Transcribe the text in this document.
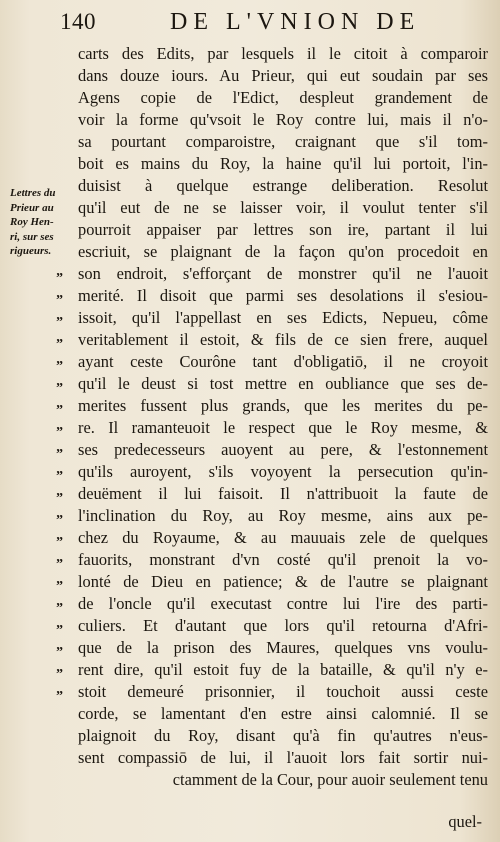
140	DE L'VNION DE
Lettres du
Prieur au
Roy Hen-
ri, sur ses
rigueurs.
”
”
”
”
”
”
”
”
”
”
”
”
”
”
”
”
”
”
”
”
carts des Edits, par lesquels il le citoit à comparoir
dans douze iours. Au Prieur, qui eut soudain par ses
Agens copie de l'Edict, despleut grandement de
voir la forme qu'vsoit le Roy contre lui, mais il n'o-
sa pourtant comparoistre, craignant que s'il tom-
boit es mains du Roy, la haine qu'il lui portoit, l'in-
duisist à quelque estrange deliberation. Resolut
qu'il eut de ne se laisser voir, il voulut tenter s'il
pourroit appaiser par lettres son ire, partant il lui
escriuit, se plaignant de la façon qu'on procedoit en
son endroit, s'efforçant de monstrer qu'il ne l'auoit
merité. Il disoit que parmi ses desolations il s'esiou-
issoit, qu'il l'appellast en ses Edicts, Nepueu, côme
veritablement il estoit, & fils de ce sien frere, auquel
ayant ceste Courône tant d'obligatiō, il ne croyoit
qu'il le deust si tost mettre en oubliance que ses de-
merites fussent plus grands, que les merites du pe-
re. Il ramanteuoit le respect que le Roy mesme, &
ses predecesseurs auoyent au pere, & l'estonnement
qu'ils auroyent, s'ils voyoyent la persecution qu'in-
deuëment il lui faisoit. Il n'attribuoit la faute de
l'inclination du Roy, au Roy mesme, ains aux pe-
chez du Royaume, & au mauuais zele de quelques
fauorits, monstrant d'vn costé qu'il prenoit la vo-
lonté de Dieu en patience; & de l'autre se plaignant
de l'oncle qu'il executast contre lui l'ire des parti-
culiers. Et d'autant que lors qu'il retourna d'Afri-
que de la prison des Maures, quelques vns voulu-
rent dire, qu'il estoit fuy de la bataille, & qu'il n'y e-
stoit demeuré prisonnier, il touchoit aussi ceste
corde, se lamentant d'en estre ainsi calomnié. Il se
plaignoit du Roy, disant qu'à fin qu'autres n'eus-
sent compassiō de lui, il l'auoit lors fait sortir nui-
ctamment de la Cour, pour auoir seulement tenu
quel-
